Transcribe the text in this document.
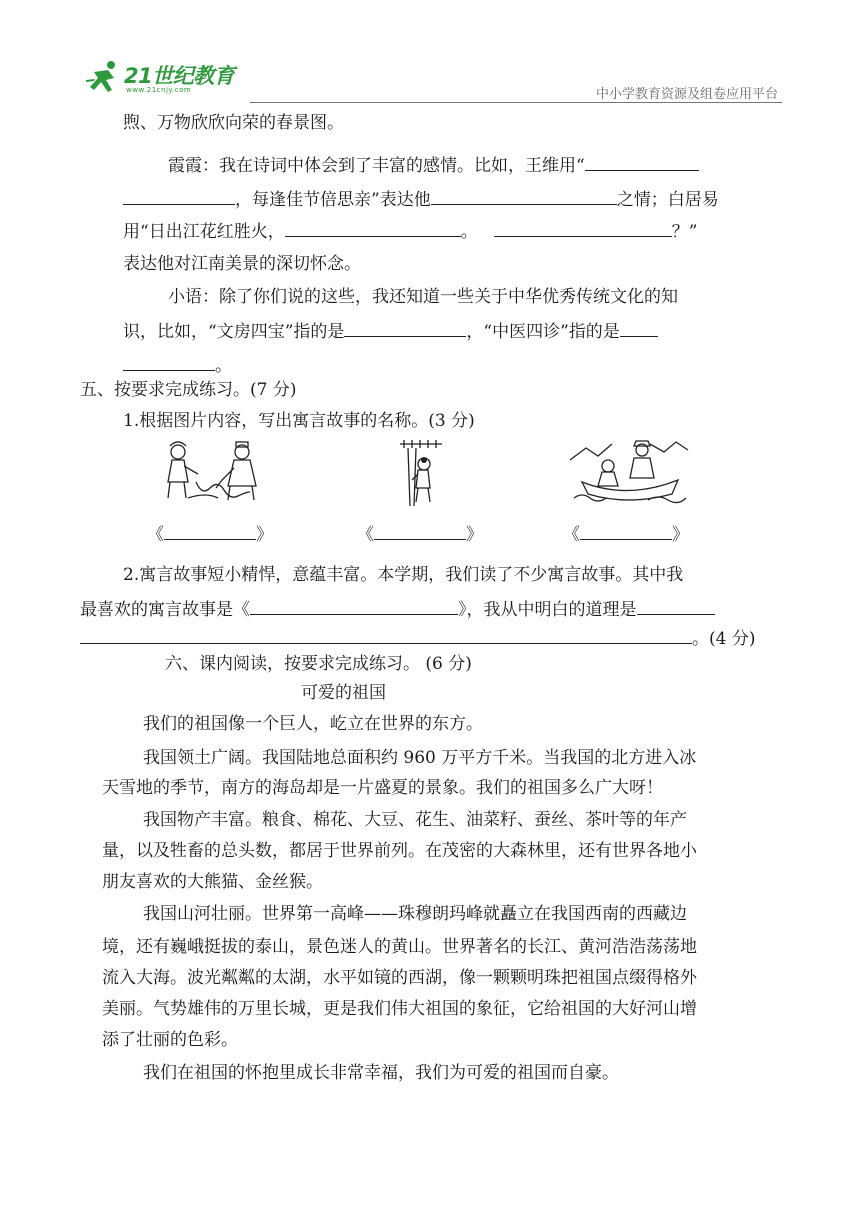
21世纪教育
www.21cnjy.com	中小学教育资源及组卷应用平台
煦、万物欣欣向荣的春景图。
霞霞：我在诗词中体会到了丰富的感情。比如，王维用“
，每逢佳节倍思亲”表达他	之情；白居易
用“日出江花红胜火，	。	？”
表达他对江南美景的深切怀念。
小语：除了你们说的这些，我还知道一些关于中华优秀传统文化的知
识，比如，“文房四宝”指的是	，“中医四诊”指的是
。
五、按要求完成练习。(7 分)
1.根据图片内容，写出寓言故事的名称。(3 分)
《	》	《	》	《	》
2.寓言故事短小精悍，意蕴丰富。本学期，我们读了不少寓言故事。其中我
最喜欢的寓言故事是《	》，我从中明白的道理是
。(4 分)
六、课内阅读，按要求完成练习。 (6 分)
可爱的祖国
我们的祖国像一个巨人，屹立在世界的东方。
我国领土广阔。我国陆地总面积约 960 万平方千米。当我国的北方进入冰
天雪地的季节，南方的海岛却是一片盛夏的景象。我们的祖国多么广大呀！
我国物产丰富。粮食、棉花、大豆、花生、油菜籽、蚕丝、茶叶等的年产
量，以及牲畜的总头数，都居于世界前列。在茂密的大森林里，还有世界各地小
朋友喜欢的大熊猫、金丝猴。
我国山河壮丽。世界第一高峰——珠穆朗玛峰就矗立在我国西南的西藏边
境，还有巍峨挺拔的泰山，景色迷人的黄山。世界著名的长江、黄河浩浩荡荡地
流入大海。波光粼粼的太湖，水平如镜的西湖，像一颗颗明珠把祖国点缀得格外
美丽。气势雄伟的万里长城，更是我们伟大祖国的象征，它给祖国的大好河山增
添了壮丽的色彩。
我们在祖国的怀抱里成长非常幸福，我们为可爱的祖国而自豪。
